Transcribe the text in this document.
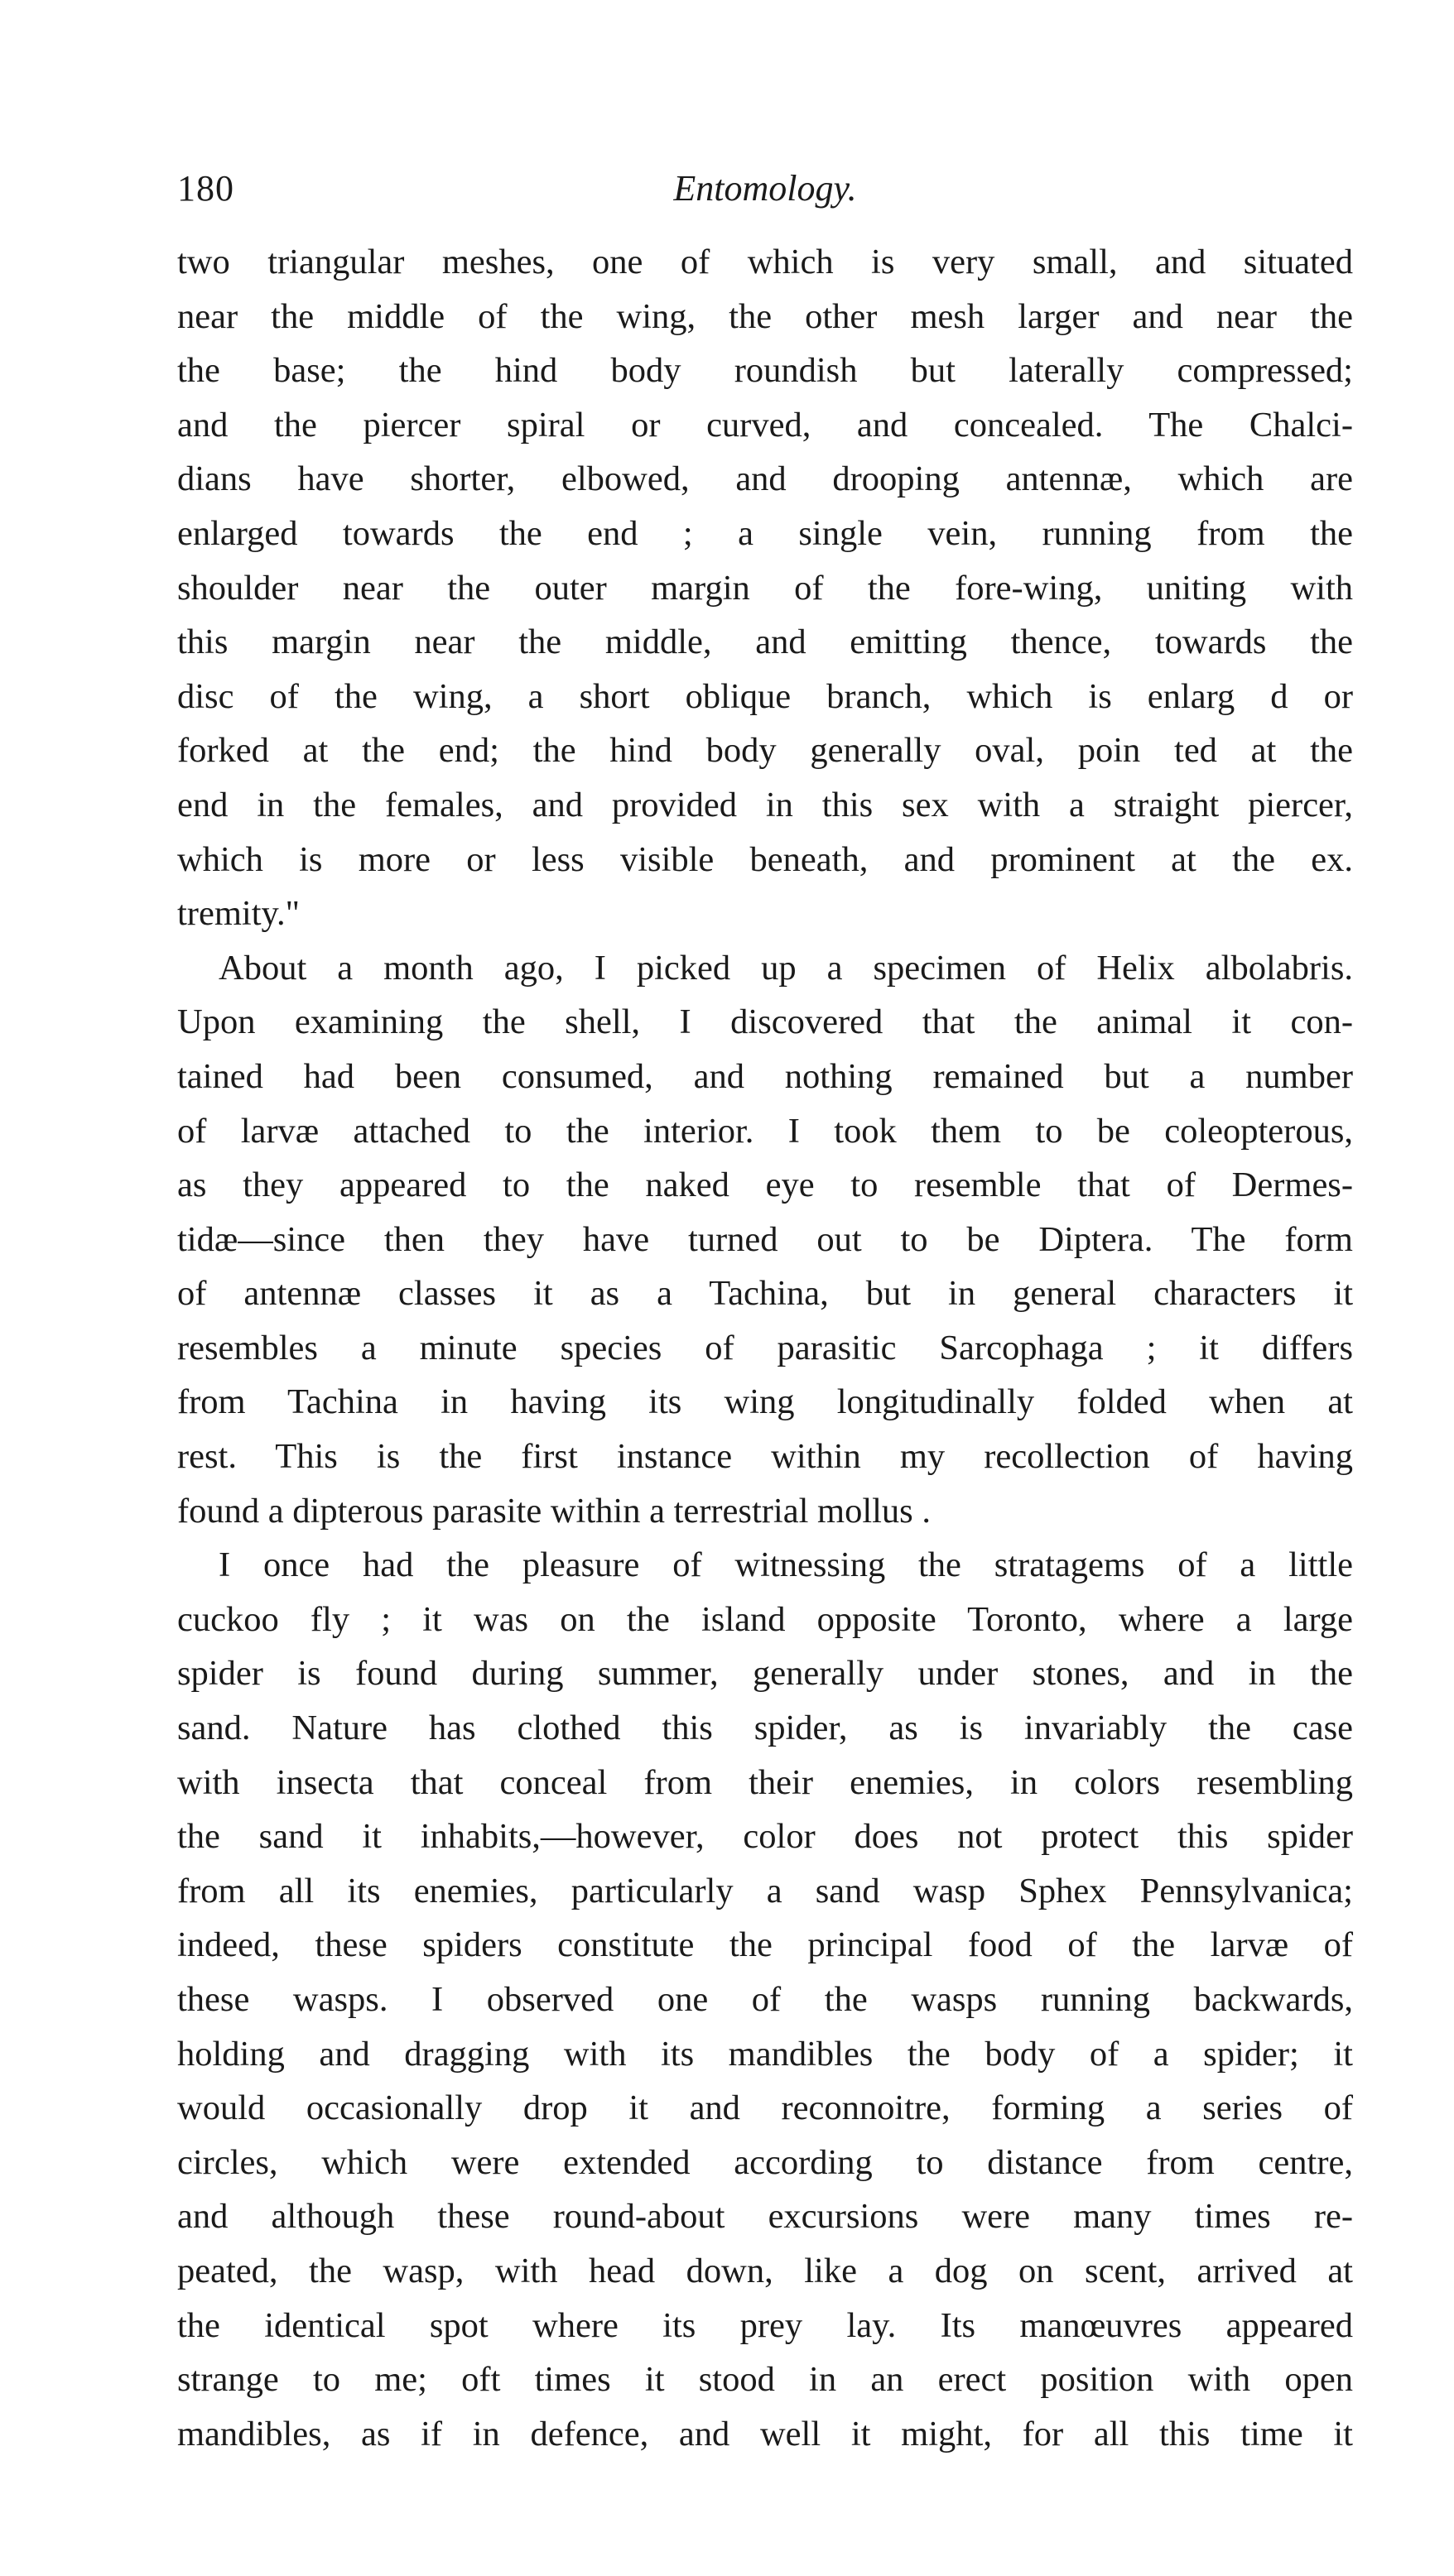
180	Entomology.
two triangular meshes, one of which is very small, and situated
near the middle of the wing, the other mesh larger and near the
the base; the hind body roundish but laterally compressed;
and the piercer spiral or curved, and concealed. The Chalci-
dians have shorter, elbowed, and drooping antennæ, which are
enlarged towards the end ; a single vein, running from the
shoulder near the outer margin of the fore-wing, uniting with
this margin near the middle, and emitting thence, towards the
disc of the wing, a short oblique branch, which is enlarg d or
forked at the end; the hind body generally oval, poin ted at the
end in the females, and provided in this sex with a straight piercer,
which is more or less visible beneath, and prominent at the ex.
tremity."
About a month ago, I picked up a specimen of Helix albolabris.
Upon examining the shell, I discovered that the animal it con-
tained had been consumed, and nothing remained but a number
of larvæ attached to the interior. I took them to be coleopterous,
as they appeared to the naked eye to resemble that of Dermes-
tidæ—since then they have turned out to be Diptera. The form
of antennæ classes it as a Tachina, but in general characters it
resembles a minute species of parasitic Sarcophaga ; it differs
from Tachina in having its wing longitudinally folded when at
rest. This is the first instance within my recollection of having
found a dipterous parasite within a terrestrial mollus .
I once had the pleasure of witnessing the stratagems of a little
cuckoo fly ; it was on the island opposite Toronto, where a large
spider is found during summer, generally under stones, and in the
sand. Nature has clothed this spider, as is invariably the case
with insecta that conceal from their enemies, in colors resembling
the sand it inhabits,—however, color does not protect this spider
from all its enemies, particularly a sand wasp Sphex Pennsylvanica;
indeed, these spiders constitute the principal food of the larvæ of
these wasps. I observed one of the wasps running backwards,
holding and dragging with its mandibles the body of a spider; it
would occasionally drop it and reconnoitre, forming a series of
circles, which were extended according to distance from centre,
and although these round-about excursions were many times re-
peated, the wasp, with head down, like a dog on scent, arrived at
the identical spot where its prey lay. Its manœuvres appeared
strange to me; oft times it stood in an erect position with open
mandibles, as if in defence, and well it might, for all this time it
